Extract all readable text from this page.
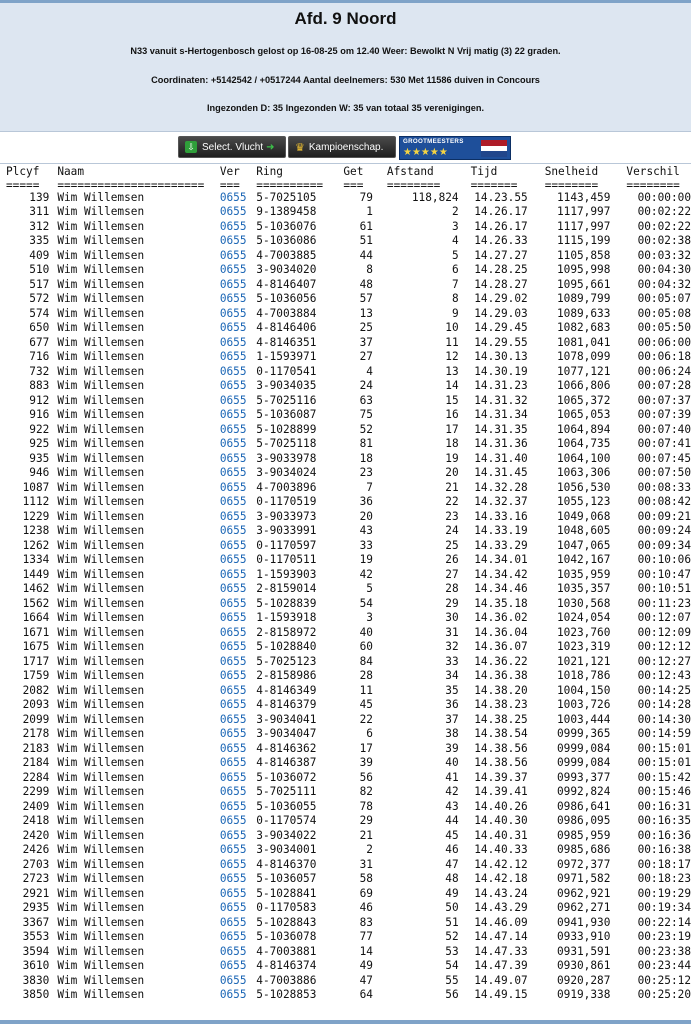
Afd. 9 Noord
N33 vanuit s-Hertogenbosch gelost op 16-08-25 om 12.40 Weer: Bewolkt N Vrij matig (3) 22 graden.
Coordinaten: +5142542 / +0517244 Aantal deelnemers: 530 Met 11586 duiven in Concours
Ingezonden D: 35 Ingezonden W: 35 van totaal 35 verenigingen.
⇩ Select. Vlucht ➜ ♛ Kampioenschap.	GROOTMEESTERS
★★★★★
Plcyf	Naam	Ver	Ring	Get	Afstand	Tijd	Snelheid	Verschil
=====	======================	===	==========	===	========	=======	========	========
139	Wim Willemsen	0655	5-7025105	79	118,824	14.23.55	1143,459	00:00:00
311	Wim Willemsen	0655	9-1389458	1	2	14.26.17	1117,997	00:02:22
312	Wim Willemsen	0655	5-1036076	61	3	14.26.17	1117,997	00:02:22
335	Wim Willemsen	0655	5-1036086	51	4	14.26.33	1115,199	00:02:38
409	Wim Willemsen	0655	4-7003885	44	5	14.27.27	1105,858	00:03:32
510	Wim Willemsen	0655	3-9034020	8	6	14.28.25	1095,998	00:04:30
517	Wim Willemsen	0655	4-8146407	48	7	14.28.27	1095,661	00:04:32
572	Wim Willemsen	0655	5-1036056	57	8	14.29.02	1089,799	00:05:07
574	Wim Willemsen	0655	4-7003884	13	9	14.29.03	1089,633	00:05:08
650	Wim Willemsen	0655	4-8146406	25	10	14.29.45	1082,683	00:05:50
677	Wim Willemsen	0655	4-8146351	37	11	14.29.55	1081,041	00:06:00
716	Wim Willemsen	0655	1-1593971	27	12	14.30.13	1078,099	00:06:18
732	Wim Willemsen	0655	0-1170541	4	13	14.30.19	1077,121	00:06:24
883	Wim Willemsen	0655	3-9034035	24	14	14.31.23	1066,806	00:07:28
912	Wim Willemsen	0655	5-7025116	63	15	14.31.32	1065,372	00:07:37
916	Wim Willemsen	0655	5-1036087	75	16	14.31.34	1065,053	00:07:39
922	Wim Willemsen	0655	5-1028899	52	17	14.31.35	1064,894	00:07:40
925	Wim Willemsen	0655	5-7025118	81	18	14.31.36	1064,735	00:07:41
935	Wim Willemsen	0655	3-9033978	18	19	14.31.40	1064,100	00:07:45
946	Wim Willemsen	0655	3-9034024	23	20	14.31.45	1063,306	00:07:50
1087	Wim Willemsen	0655	4-7003896	7	21	14.32.28	1056,530	00:08:33
1112	Wim Willemsen	0655	0-1170519	36	22	14.32.37	1055,123	00:08:42
1229	Wim Willemsen	0655	3-9033973	20	23	14.33.16	1049,068	00:09:21
1238	Wim Willemsen	0655	3-9033991	43	24	14.33.19	1048,605	00:09:24
1262	Wim Willemsen	0655	0-1170597	33	25	14.33.29	1047,065	00:09:34
1334	Wim Willemsen	0655	0-1170511	19	26	14.34.01	1042,167	00:10:06
1449	Wim Willemsen	0655	1-1593903	42	27	14.34.42	1035,959	00:10:47
1462	Wim Willemsen	0655	2-8159014	5	28	14.34.46	1035,357	00:10:51
1562	Wim Willemsen	0655	5-1028839	54	29	14.35.18	1030,568	00:11:23
1664	Wim Willemsen	0655	1-1593918	3	30	14.36.02	1024,054	00:12:07
1671	Wim Willemsen	0655	2-8158972	40	31	14.36.04	1023,760	00:12:09
1675	Wim Willemsen	0655	5-1028840	60	32	14.36.07	1023,319	00:12:12
1717	Wim Willemsen	0655	5-7025123	84	33	14.36.22	1021,121	00:12:27
1759	Wim Willemsen	0655	2-8158986	28	34	14.36.38	1018,786	00:12:43
2082	Wim Willemsen	0655	4-8146349	11	35	14.38.20	1004,150	00:14:25
2093	Wim Willemsen	0655	4-8146379	45	36	14.38.23	1003,726	00:14:28
2099	Wim Willemsen	0655	3-9034041	22	37	14.38.25	1003,444	00:14:30
2178	Wim Willemsen	0655	3-9034047	6	38	14.38.54	0999,365	00:14:59
2183	Wim Willemsen	0655	4-8146362	17	39	14.38.56	0999,084	00:15:01
2184	Wim Willemsen	0655	4-8146387	39	40	14.38.56	0999,084	00:15:01
2284	Wim Willemsen	0655	5-1036072	56	41	14.39.37	0993,377	00:15:42
2299	Wim Willemsen	0655	5-7025111	82	42	14.39.41	0992,824	00:15:46
2409	Wim Willemsen	0655	5-1036055	78	43	14.40.26	0986,641	00:16:31
2418	Wim Willemsen	0655	0-1170574	29	44	14.40.30	0986,095	00:16:35
2420	Wim Willemsen	0655	3-9034022	21	45	14.40.31	0985,959	00:16:36
2426	Wim Willemsen	0655	3-9034001	2	46	14.40.33	0985,686	00:16:38
2703	Wim Willemsen	0655	4-8146370	31	47	14.42.12	0972,377	00:18:17
2723	Wim Willemsen	0655	5-1036057	58	48	14.42.18	0971,582	00:18:23
2921	Wim Willemsen	0655	5-1028841	69	49	14.43.24	0962,921	00:19:29
2935	Wim Willemsen	0655	0-1170583	46	50	14.43.29	0962,271	00:19:34
3367	Wim Willemsen	0655	5-1028843	83	51	14.46.09	0941,930	00:22:14
3553	Wim Willemsen	0655	5-1036078	77	52	14.47.14	0933,910	00:23:19
3594	Wim Willemsen	0655	4-7003881	14	53	14.47.33	0931,591	00:23:38
3610	Wim Willemsen	0655	4-8146374	49	54	14.47.39	0930,861	00:23:44
3830	Wim Willemsen	0655	4-7003886	47	55	14.49.07	0920,287	00:25:12
3850	Wim Willemsen	0655	5-1028853	64	56	14.49.15	0919,338	00:25:20
